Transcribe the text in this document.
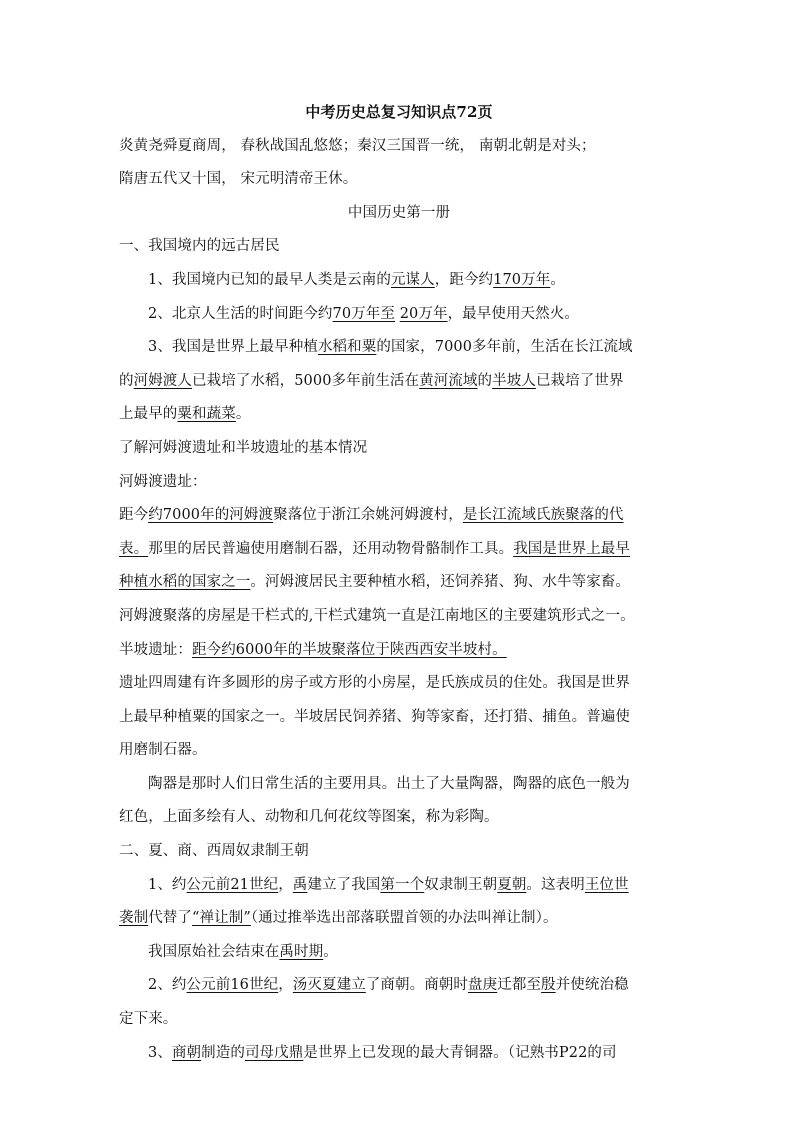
中考历史总复习知识点72页
炎黄尧舜夏商周， 春秋战国乱悠悠；秦汉三国晋一统， 南朝北朝是对头；
隋唐五代又十国， 宋元明清帝王休。
中国历史第一册
一、我国境内的远古居民
1、我国境内已知的最早人类是云南的元谋人，距今约170万年。
2、北京人生活的时间距今约70万年至 20万年，最早使用天然火。
3、我国是世界上最早种植水稻和粟的国家，7000多年前，生活在长江流域
的河姆渡人已栽培了水稻，5000多年前生活在黄河流域的半坡人已栽培了世界
上最早的粟和蔬菜。
了解河姆渡遗址和半坡遗址的基本情况
河姆渡遗址：
距今约7000年的河姆渡聚落位于浙江余姚河姆渡村，是长江流域氏族聚落的代
表。那里的居民普遍使用磨制石器，还用动物骨骼制作工具。我国是世界上最早
种植水稻的国家之一。河姆渡居民主要种植水稻，还饲养猪、狗、水牛等家畜。
河姆渡聚落的房屋是干栏式的,干栏式建筑一直是江南地区的主要建筑形式之一。
半坡遗址：距今约6000年的半坡聚落位于陕西西安半坡村。
遗址四周建有许多圆形的房子或方形的小房屋，是氏族成员的住处。我国是世界
上最早种植粟的国家之一。半坡居民饲养猪、狗等家畜，还打猎、捕鱼。普遍使
用磨制石器。
陶器是那时人们日常生活的主要用具。出土了大量陶器，陶器的底色一般为
红色，上面多绘有人、动物和几何花纹等图案，称为彩陶。
二、夏、商、西周奴隶制王朝
1、约公元前21世纪，禹建立了我国第一个奴隶制王朝夏朝。这表明王位世
袭制代替了“禅让制”（通过推举选出部落联盟首领的办法叫禅让制）。
我国原始社会结束在禹时期。
2、约公元前16世纪，汤灭夏建立了商朝。商朝时盘庚迁都至殷并使统治稳
定下来。
3、商朝制造的司母戊鼎是世界上已发现的最大青铜器。（记熟书P22的司
